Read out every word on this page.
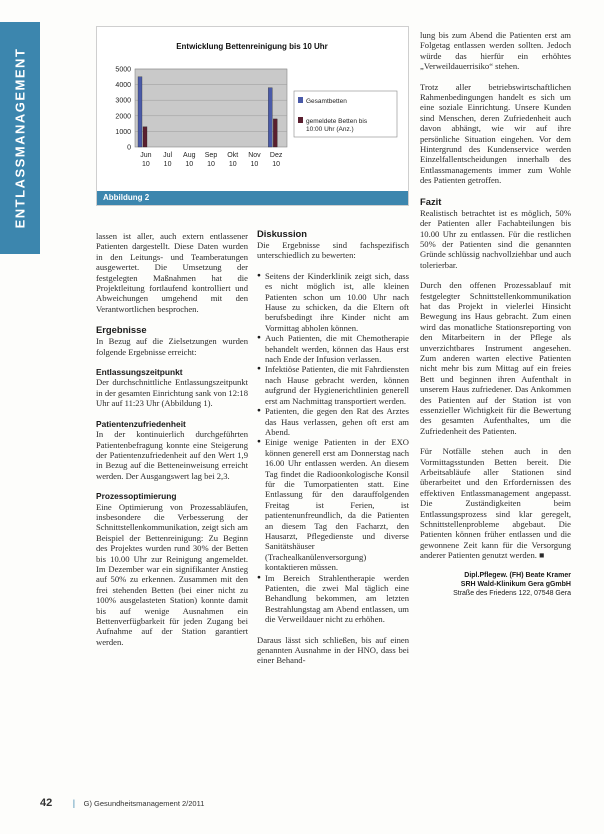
ENTLASSMANAGEMENT
Entwicklung Bettenreinigung bis 10 Uhr
0
1000
2000
3000
4000
5000
Jun
10
Jul
10
Aug
10
Sep
10
Okt
10
Nov
10
Dez
10
Gesamtbetten
gemeldete Betten bis
10:00 Uhr (Anz.)
Abbildung 2

lassen ist aller, auch extern entlassener Patienten dargestellt. Diese Daten wurden in den Leitungs- und Teamberatungen ausgewertet. Die Umsetzung der festgelegten Maßnahmen hat die Projektleitung fortlaufend kontrolliert und Abweichungen umgehend mit den Verantwortlichen besprochen.

Ergebnisse

In Bezug auf die Zielsetzungen wurden folgende Ergebnisse erreicht:

Entlassungszeitpunkt

Der durchschnittliche Entlassungszeitpunkt in der gesamten Einrichtung sank von 12:18 Uhr auf 11:23 Uhr (Abbildung 1).

Patientenzufriedenheit

In der kontinuierlich durchgeführten Patientenbefragung konnte eine Steigerung der Patientenzufriedenheit auf den Wert 1,9 in Bezug auf die Betteneinweisung erreicht werden. Der Ausgangswert lag bei 2,3.

Prozessoptimierung

Eine Optimierung von Prozessabläufen, insbesondere die Verbesserung der Schnittstellenkommunikation, zeigt sich am Beispiel der Bettenreinigung: Zu Beginn des Projektes wurden rund 30% der Betten bis 10.00 Uhr zur Reinigung angemeldet. Im Dezember war ein signifikanter Anstieg auf 50% zu erkennen. Zusammen mit den frei stehenden Betten (bei einer nicht zu 100% ausgelasteten Station) konnte damit bis auf wenige Ausnahmen ein Bettenverfügbarkeit für jeden Zugang bei Aufnahme auf der Station garantiert werden.

Diskussion

Die Ergebnisse sind fachspezifisch unterschiedlich zu bewerten:

● Seitens der Kinderklinik zeigt sich, dass es nicht möglich ist, alle kleinen Patienten schon um 10.00 Uhr nach Hause zu schicken, da die Eltern oft berufsbedingt ihre Kinder nicht am Vormittag abholen können.
● Auch Patienten, die mit Chemotherapie behandelt werden, können das Haus erst nach Ende der Infusion verlassen.
● Infektiöse Patienten, die mit Fahrdiensten nach Hause gebracht werden, können aufgrund der Hygienerichtlinien generell erst am Nachmittag transportiert werden.
● Patienten, die gegen den Rat des Arztes das Haus verlassen, gehen oft erst am Abend.
● Einige wenige Patienten in der EXO können generell erst am Donnerstag nach 16.00 Uhr entlassen werden. An diesem Tag findet die Radioonkologische Konsil für die Tumorpatienten statt. Eine Entlassung für den darauffolgenden Freitag ist Ferien, ist patientenunfreundlich, da die Patienten an diesem Tag den Facharzt, den Hausarzt, Pflegedienste und diverse Sanitätshäuser (Trachealkanülenversorgung) kontaktieren müssen.
● Im Bereich Strahlentherapie werden Patienten, die zwei Mal täglich eine Behandlung bekommen, am letzten Bestrahlungstag am Abend entlassen, um die Verweildauer nicht zu erhöhen.

Daraus lässt sich schließen, bis auf einen genannten Ausnahme in der HNO, dass bei einer Behand-

lung bis zum Abend die Patienten erst am Folgetag entlassen werden sollten. Jedoch würde das hierfür ein erhöhtes „Verweildauerrisiko“ stehen.

Trotz aller betriebswirtschaftlichen Rahmenbedingungen handelt es sich um eine soziale Einrichtung. Unsere Kunden sind Menschen, deren Zufriedenheit auch davon abhängt, wie wir auf ihre persönliche Situation eingehen. Vor dem Hintergrund des Kundenservice werden Einzelfallentscheidungen innerhalb des Entlassmanagements immer zum Wohle des Patienten getroffen.

Fazit

Realistisch betrachtet ist es möglich, 50% der Patienten aller Fachabteilungen bis 10.00 Uhr zu entlassen. Für die restlichen 50% der Patienten sind die genannten Gründe schlüssig nachvollziehbar und auch tolerierbar.

Durch den offenen Prozessablauf mit festgelegter Schnittstellenkommunikation hat das Projekt in vielerlei Hinsicht Bewegung ins Haus gebracht. Zum einen wird das monatliche Stationsreporting von den Mitarbeitern in der Pflege als unverzichtbares Instrument angesehen. Zum anderen warten elective Patienten nicht mehr bis zum Mittag auf ein freies Bett und beginnen ihren Aufenthalt in unserem Haus zufriedener. Das Ankommen des Patienten auf der Station ist von essenzieller Wichtigkeit für die Bewertung des gesamten Aufenthaltes, um die Zufriedenheit des Patienten.

Für Notfälle stehen auch in den Vormittagsstunden Betten bereit. Die Arbeitsabläufe aller Stationen sind überarbeitet und den Erfordernissen des effektiven Entlassmanagement angepasst. Die Zuständigkeiten beim Entlassungsprozess sind klar geregelt, Schnittstellenprobleme abgebaut. Die Patienten können früher entlassen und die gewonnene Zeit kann für die Versorgung anderer Patienten genutzt werden. ■

Dipl.Pflegew. (FH) Beate Kramer
SRH Wald-Klinikum Gera gGmbH
Straße des Friedens 122, 07548 Gera
42 | G) Gesundheitsmanagement 2/2011
